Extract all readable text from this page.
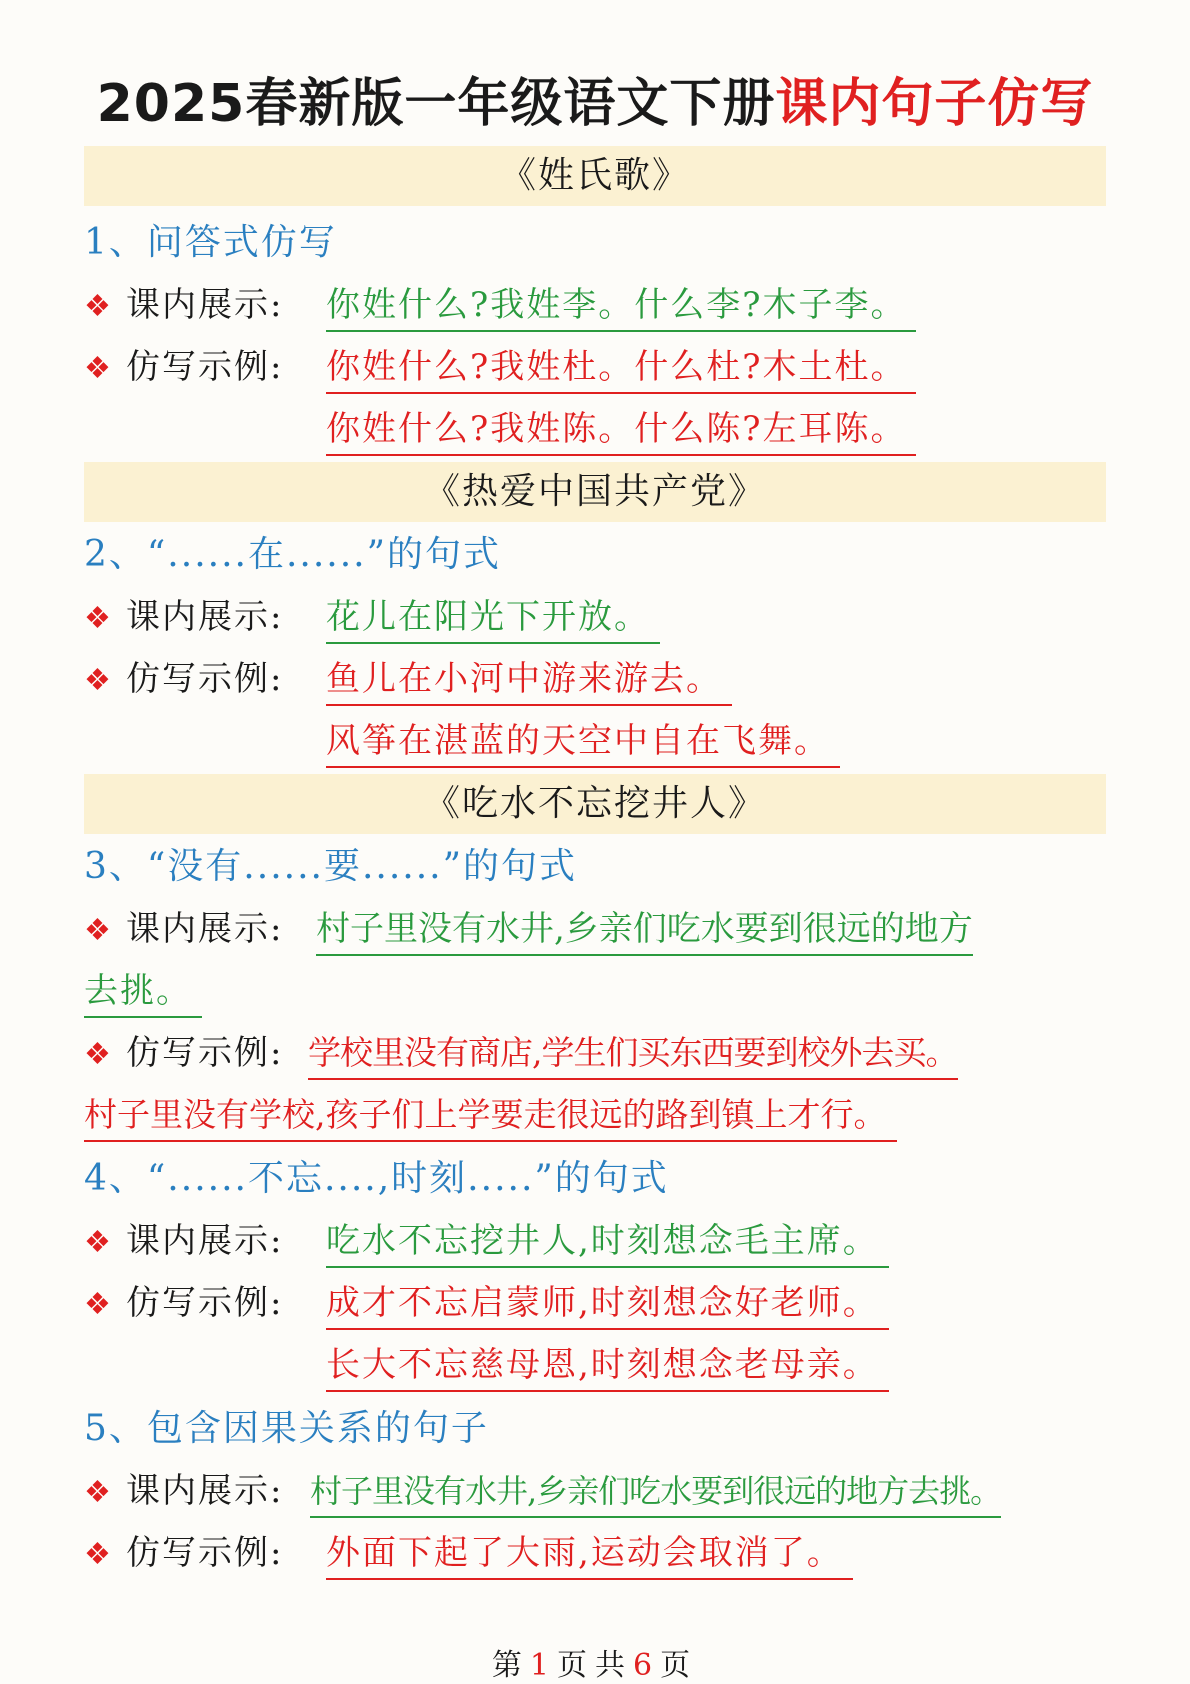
2025春新版一年级语文下册课内句子仿写
《姓氏歌》
1、问答式仿写
❖ 课内展示: 你姓什么?我姓李。什么李?木子李。
❖ 仿写示例: 你姓什么?我姓杜。什么杜?木土杜。
你姓什么?我姓陈。什么陈?左耳陈。
《热爱中国共产党》
2、“......在......”的句式
❖ 课内展示: 花儿在阳光下开放。
❖ 仿写示例: 鱼儿在小河中游来游去。
风筝在湛蓝的天空中自在飞舞。
《吃水不忘挖井人》
3、“没有......要......”的句式
❖ 课内展示: 村子里没有水井,乡亲们吃水要到很远的地方
去挑。
❖ 仿写示例: 学校里没有商店,学生们买东西要到校外去买。
村子里没有学校,孩子们上学要走很远的路到镇上才行。
4、“......不忘....,时刻.....”的句式
❖ 课内展示: 吃水不忘挖井人,时刻想念毛主席。
❖ 仿写示例: 成才不忘启蒙师,时刻想念好老师。
长大不忘慈母恩,时刻想念老母亲。
5、包含因果关系的句子
❖ 课内展示: 村子里没有水井,乡亲们吃水要到很远的地方去挑。
❖ 仿写示例: 外面下起了大雨,运动会取消了。
第1页共6页
